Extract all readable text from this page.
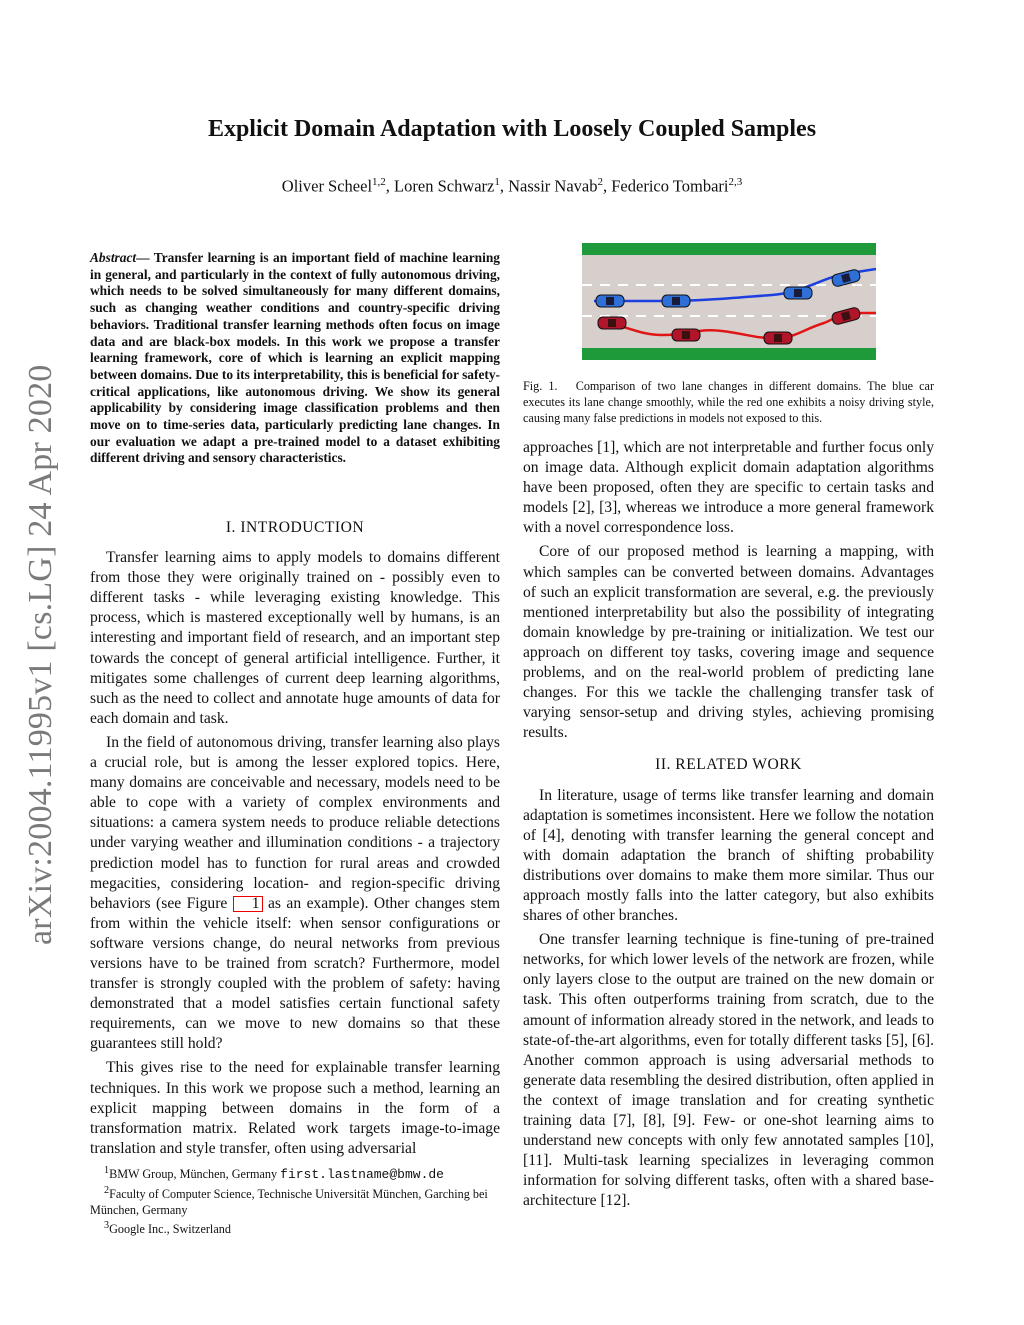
Explicit Domain Adaptation with Loosely Coupled Samples
Oliver Scheel$^{1,2}$, Loren Schwarz$^1$, Nassir Navab$^2$, Federico Tombari$^{2,3}$
arXiv:2004.11995v1 [cs.LG] 24 Apr 2020
Abstract— Transfer learning is an important field of machine learning in general, and particularly in the context of fully autonomous driving, which needs to be solved simultaneously for many different domains, such as changing weather conditions and country-specific driving behaviors. Traditional transfer learning methods often focus on image data and are black-box models. In this work we propose a transfer learning framework, core of which is learning an explicit mapping between domains. Due to its interpretability, this is beneficial for safety-critical applications, like autonomous driving. We show its general applicability by considering image classification problems and then move on to time-series data, particularly predicting lane changes. In our evaluation we adapt a pre-trained model to a dataset exhibiting different driving and sensory characteristics.
I. INTRODUCTION

Transfer learning aims to apply models to domains different from those they were originally trained on - possibly even to different tasks - while leveraging existing knowledge. This process, which is mastered exceptionally well by humans, is an interesting and important field of research, and an important step towards the concept of general artificial intelligence. Further, it mitigates some challenges of current deep learning algorithms, such as the need to collect and annotate huge amounts of data for each domain and task.

In the field of autonomous driving, transfer learning also plays a crucial role, but is among the lesser explored topics. Here, many domains are conceivable and necessary, models need to be able to cope with a variety of complex environments and situations: a camera system needs to produce reliable detections under varying weather and illumination conditions - a trajectory prediction model has to function for rural areas and crowded megacities, considering location- and region-specific driving behaviors (see Figure 1 as an example). Other changes stem from within the vehicle itself: when sensor configurations or software versions change, do neural networks from previous versions have to be trained from scratch? Furthermore, model transfer is strongly coupled with the problem of safety: having demonstrated that a model satisfies certain functional safety requirements, can we move to new domains so that these guarantees still hold?

This gives rise to the need for explainable transfer learning techniques. In this work we propose such a method, learning an explicit mapping between domains in the form of a transformation matrix. Related work targets image-to-image translation and style transfer, often using adversarial

$^1$BMW Group, München, Germany first.lastname@bmw.de
$^2$Faculty of Computer Science, Technische Universität München, Garching bei München, Germany
$^3$Google Inc., Switzerland
Fig. 1. Comparison of two lane changes in different domains. The blue car executes its lane change smoothly, while the red one exhibits a noisy driving style, causing many false predictions in models not exposed to this.

approaches [1], which are not interpretable and further focus only on image data. Although explicit domain adaptation algorithms have been proposed, often they are specific to certain tasks and models [2], [3], whereas we introduce a more general framework with a novel correspondence loss.

Core of our proposed method is learning a mapping, with which samples can be converted between domains. Advantages of such an explicit transformation are several, e.g. the previously mentioned interpretability but also the possibility of integrating domain knowledge by pre-training or initialization. We test our approach on different toy tasks, covering image and sequence problems, and on the real-world problem of predicting lane changes. For this we tackle the challenging transfer task of varying sensor-setup and driving styles, achieving promising results.

II. RELATED WORK

In literature, usage of terms like transfer learning and domain adaptation is sometimes inconsistent. Here we follow the notation of [4], denoting with transfer learning the general concept and with domain adaptation the branch of shifting probability distributions over domains to make them more similar. Thus our approach mostly falls into the latter category, but also exhibits shares of other branches.

One transfer learning technique is fine-tuning of pre-trained networks, for which lower levels of the network are frozen, while only layers close to the output are trained on the new domain or task. This often outperforms training from scratch, due to the amount of information already stored in the network, and leads to state-of-the-art algorithms, even for totally different tasks [5], [6]. Another common approach is using adversarial methods to generate data resembling the desired distribution, often applied in the context of image translation and for creating synthetic training data [7], [8], [9]. Few- or one-shot learning aims to understand new concepts with only few annotated samples [10], [11]. Multi-task learning specializes in leveraging common information for solving different tasks, often with a shared base-architecture [12].
